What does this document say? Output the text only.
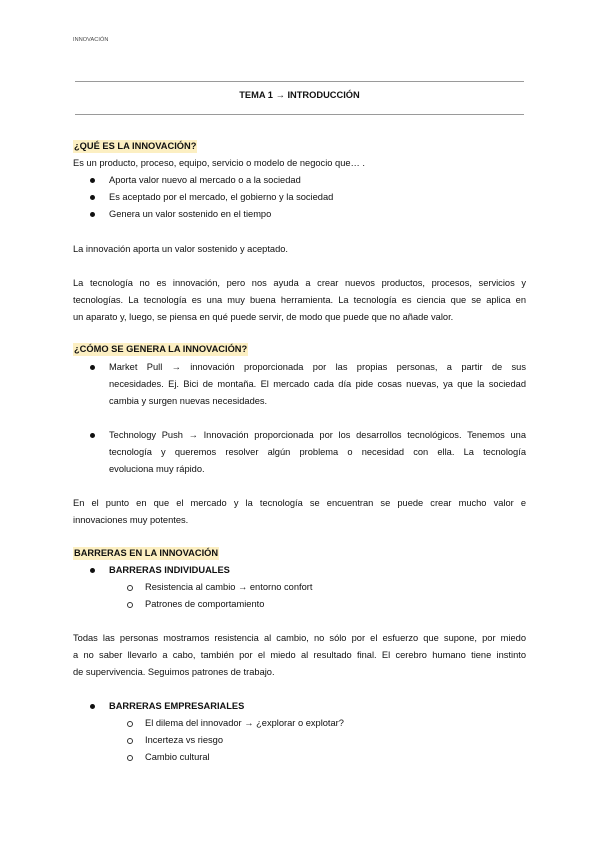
INNOVACIÓN
TEMA 1 → INTRODUCCIÓN
¿QUÉ ES LA INNOVACIÓN?
Es un producto, proceso, equipo, servicio o modelo de negocio que… .
Aporta valor nuevo al mercado o a la sociedad
Es aceptado por el mercado, el gobierno y la sociedad
Genera un valor sostenido en el tiempo
La innovación aporta un valor sostenido y aceptado.
La tecnología no es innovación, pero nos ayuda a crear nuevos productos, procesos, servicios y
tecnologías. La tecnología es una muy buena herramienta. La tecnología es ciencia que se aplica en
un aparato y, luego, se piensa en qué puede servir, de modo que puede que no añade valor.
¿CÓMO SE GENERA LA INNOVACIÓN?
Market Pull → innovación proporcionada por las propias personas, a partir de sus
necesidades. Ej. Bici de montaña. El mercado cada día pide cosas nuevas, ya que la sociedad
cambia y surgen nuevas necesidades.
Technology Push → Innovación proporcionada por los desarrollos tecnológicos. Tenemos una
tecnología y queremos resolver algún problema o necesidad con ella. La tecnología
evoluciona muy rápido.
En el punto en que el mercado y la tecnología se encuentran se puede crear mucho valor e
innovaciones muy potentes.
BARRERAS EN LA INNOVACIÓN
BARRERAS INDIVIDUALES
Resistencia al cambio → entorno confort
Patrones de comportamiento
Todas las personas mostramos resistencia al cambio, no sólo por el esfuerzo que supone, por miedo
a no saber llevarlo a cabo, también por el miedo al resultado final. El cerebro humano tiene instinto
de supervivencia. Seguimos patrones de trabajo.
BARRERAS EMPRESARIALES
El dilema del innovador → ¿explorar o explotar?
Incerteza vs riesgo
Cambio cultural
